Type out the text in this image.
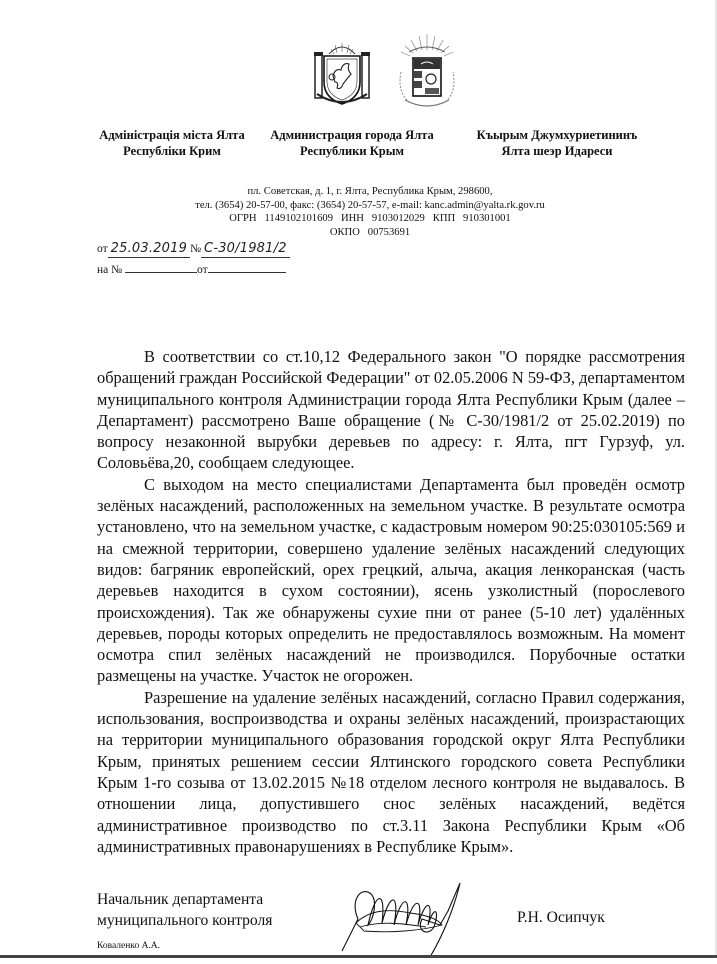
Адміністрація міста Ялта
Республіки Крим
Администрация города Ялта
Республики Крым
Къырым Джумхуриетининъ
Ялта шеэр Идареси
пл. Советская, д. 1, г. Ялта, Республика Крым, 298600,
тел. (3654) 20-57-00, факс: (3654) 20-57-57, e-mail: kanc.admin@yalta.rk.gov.ru
ОГРН   1149102101609   ИНН   9103012029   КПП   910301001
ОКПО   00753691
от 25.03.2019 № С-30/1981/2
на №	от

В соответствии со ст.10,12 Федерального закон "О порядке рассмотрения обращений граждан Российской Федерации" от 02.05.2006 N 59-ФЗ, департаментом муниципального контроля Администрации города Ялта Республики Крым (далее – Департамент) рассмотрено Ваше обращение (№ С-30/1981/2 от 25.02.2019) по вопросу незаконной вырубки деревьев по адресу: г. Ялта, пгт Гурзуф, ул. Соловьёва,20, сообщаем следующее.

С выходом на место специалистами Департамента был проведён осмотр зелёных насаждений, расположенных на земельном участке. В результате осмотра установлено, что на земельном участке, с кадастровым номером 90:25:030105:569 и на смежной территории, совершено удаление зелёных насаждений следующих видов: багряник европейский, орех грецкий, алыча, акация ленкоранская (часть деревьев находится в сухом состоянии), ясень узколистный (порослевого происхождения). Так же обнаружены сухие пни от ранее (5-10 лет) удалённых деревьев, породы которых определить не предоставлялось возможным. На момент осмотра спил зелёных насаждений не производился. Порубочные остатки размещены на участке. Участок не огорожен.

Разрешение на удаление зелёных насаждений, согласно Правил содержания, использования, воспроизводства и охраны зелёных насаждений, произрастающих на территории муниципального образования городской округ Ялта Республики Крым, принятых решением сессии Ялтинского городского совета Республики Крым 1-го созыва от 13.02.2015 №18 отделом лесного контроля не выдавалось. В отношении лица, допустившего снос зелёных насаждений, ведётся административное производство по ст.3.11 Закона Республики Крым «Об административных правонарушениях в Республике Крым».

Начальник департамента
муниципального контроля	Р.Н. Осипчук
Коваленко А.А.
